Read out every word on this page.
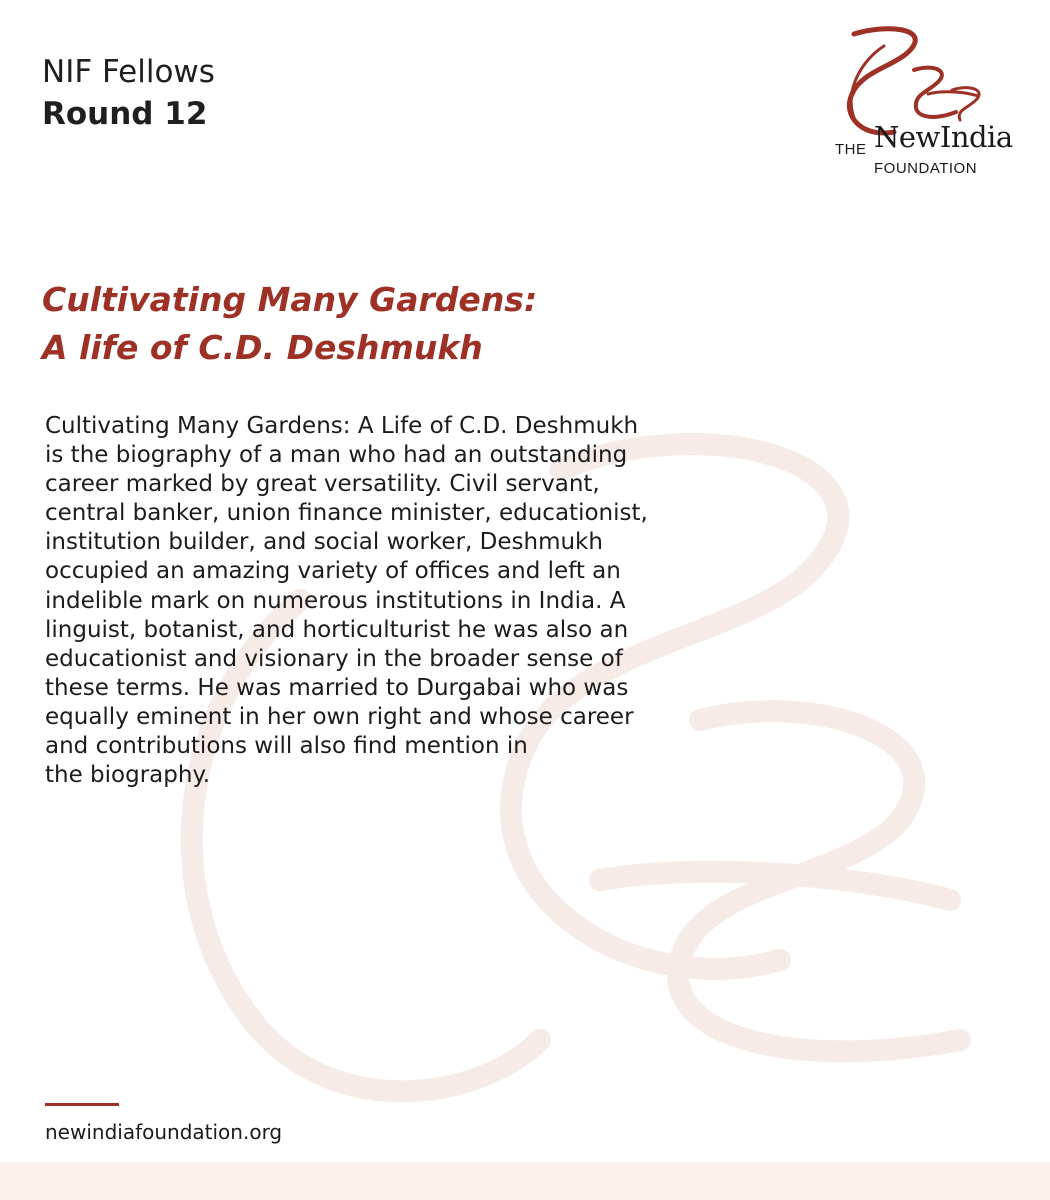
NIF Fellows
Round 12
THE NewIndia
FOUNDATION
Cultivating Many Gardens:
A life of C.D. Deshmukh

Cultivating Many Gardens: A Life of C.D. Deshmukh
is the biography of a man who had an outstanding
career marked by great versatility. Civil servant,
central banker, union finance minister, educationist,
institution builder, and social worker, Deshmukh
occupied an amazing variety of offices and left an
indelible mark on numerous institutions in India. A
linguist, botanist, and horticulturist he was also an
educationist and visionary in the broader sense of
these terms. He was married to Durgabai who was
equally eminent in her own right and whose career
and contributions will also find mention in
the biography.

newindiafoundation.org
